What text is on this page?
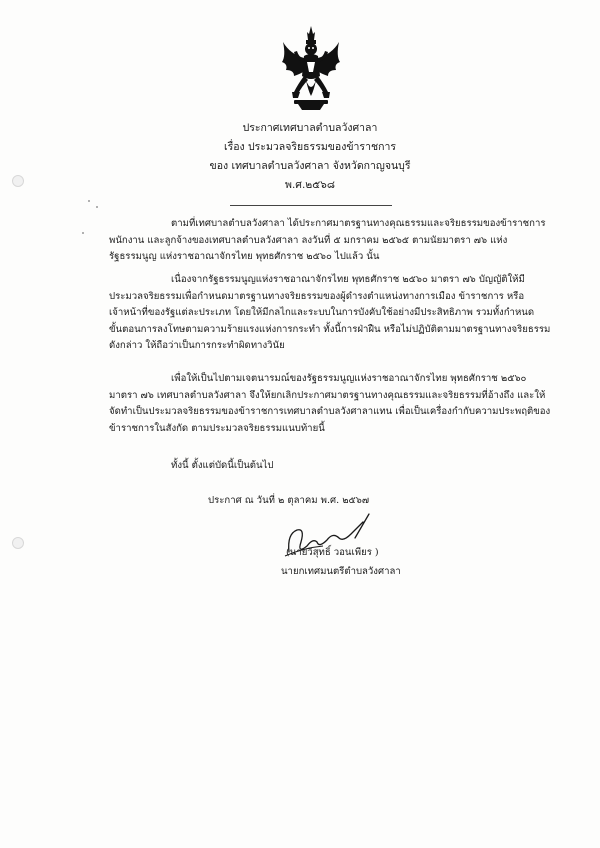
ประกาศเทศบาลตำบลวังศาลา
เรื่อง ประมวลจริยธรรมของข้าราชการ
ของ เทศบาลตำบลวังศาลา จังหวัดกาญจนบุรี
พ.ศ.๒๕๖๘
ตามที่เทศบาลตำบลวังศาลา ได้ประกาศมาตรฐานทางคุณธรรมและจริยธรรมของข้าราชการ
พนักงาน และลูกจ้างของเทศบาลตำบลวังศาลา ลงวันที่ ๕ มกราคม ๒๕๖๕ ตามนัยมาตรา ๗๖ แห่ง
รัฐธรรมนูญ แห่งราชอาณาจักรไทย พุทธศักราช ๒๕๖๐ ไปแล้ว นั้น
เนื่องจากรัฐธรรมนูญแห่งราชอาณาจักรไทย พุทธศักราช ๒๕๖๐ มาตรา ๗๖ บัญญัติให้มี
ประมวลจริยธรรมเพื่อกำหนดมาตรฐานทางจริยธรรมของผู้ดำรงตำแหน่งทางการเมือง ข้าราชการ หรือ
เจ้าหน้าที่ของรัฐแต่ละประเภท โดยให้มีกลไกและระบบในการบังคับใช้อย่างมีประสิทธิภาพ รวมทั้งกำหนด
ขั้นตอนการลงโทษตามความร้ายแรงแห่งการกระทำ ทั้งนี้การฝ่าฝืน หรือไม่ปฏิบัติตามมาตรฐานทางจริยธรรม
ดังกล่าว ให้ถือว่าเป็นการกระทำผิดทางวินัย
เพื่อให้เป็นไปตามเจตนารมณ์ของรัฐธรรมนูญแห่งราชอาณาจักรไทย พุทธศักราช ๒๕๖๐
มาตรา ๗๖ เทศบาลตำบลวังศาลา จึงให้ยกเลิกประกาศมาตรฐานทางคุณธรรมและจริยธรรมที่อ้างถึง และให้
จัดทำเป็นประมวลจริยธรรมของข้าราชการเทศบาลตำบลวังศาลาแทน เพื่อเป็นเครื่องกำกับความประพฤติของ
ข้าราชการในสังกัด ตามประมวลจริยธรรมแนบท้ายนี้
ทั้งนี้ ตั้งแต่บัดนี้เป็นต้นไป
ประกาศ ณ วันที่ ๒ ตุลาคม พ.ศ. ๒๕๖๗
(นายวิสุทธิ์ วอนเพียร )
นายกเทศมนตรีตำบลวังศาลา
